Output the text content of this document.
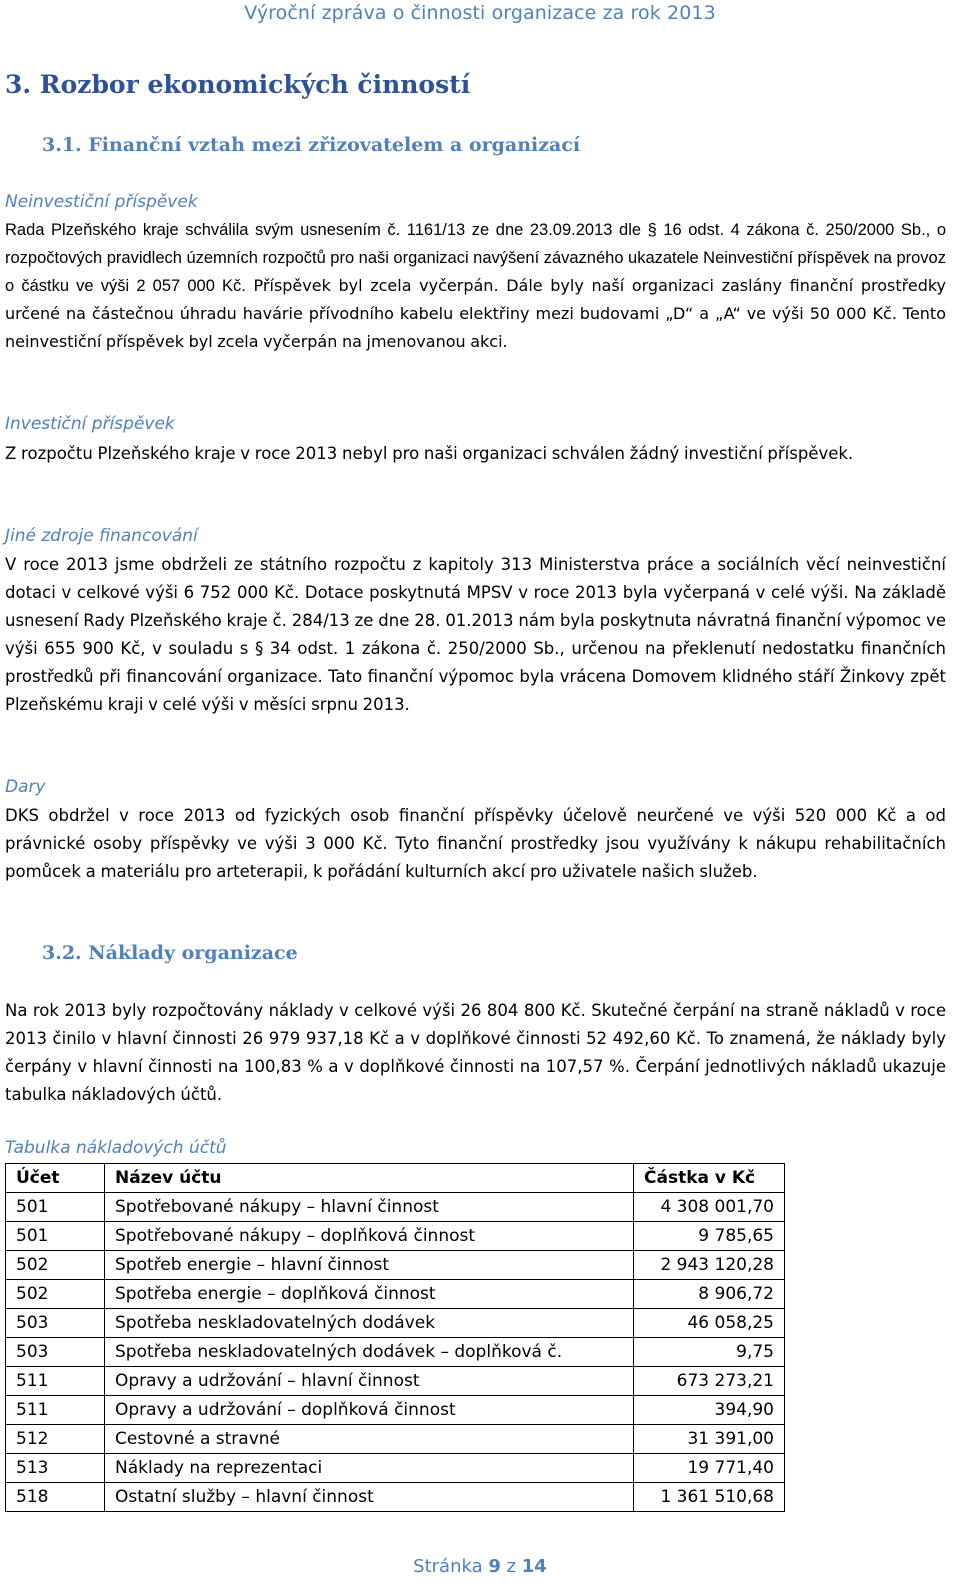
Výroční zpráva o činnosti organizace za rok 2013
3. Rozbor ekonomických činností
3.1. Finanční vztah mezi zřizovatelem a organizací
Neinvestiční příspěvek
Rada Plzeňského kraje schválila svým usnesením č. 1161/13 ze dne 23.09.2013 dle § 16 odst. 4 zákona č. 250/2000 Sb., o rozpočtových pravidlech územních rozpočtů pro naši organizaci navýšení závazného ukazatele Neinvestiční příspěvek na provoz o částku ve výši 2 057 000 Kč. Příspěvek byl zcela vyčerpán. Dále byly naší organizaci zaslány finanční prostředky určené na částečnou úhradu havárie přívodního kabelu elektřiny mezi budovami „D“ a „A“ ve výši 50 000 Kč. Tento neinvestiční příspěvek byl zcela vyčerpán na jmenovanou akci.
Investiční příspěvek
Z rozpočtu Plzeňského kraje v roce 2013 nebyl pro naši organizaci schválen žádný investiční příspěvek.
Jiné zdroje financování
V roce 2013 jsme obdrželi ze státního rozpočtu z kapitoly 313 Ministerstva práce a sociálních věcí neinvestiční dotaci v celkové výši 6 752 000 Kč. Dotace poskytnutá MPSV v roce 2013 byla vyčerpaná v celé výši. Na základě usnesení Rady Plzeňského kraje č. 284/13 ze dne 28. 01.2013 nám byla poskytnuta návratná finanční výpomoc ve výši 655 900 Kč, v souladu s § 34 odst. 1 zákona č. 250/2000 Sb., určenou na překlenutí nedostatku finančních prostředků při financování organizace. Tato finanční výpomoc byla vrácena Domovem klidného stáří Žinkovy zpět Plzeňskému kraji v celé výši v měsíci srpnu 2013.
Dary
DKS obdržel v roce 2013 od fyzických osob finanční příspěvky účelově neurčené ve výši 520 000 Kč a od právnické osoby příspěvky ve výši 3 000 Kč. Tyto finanční prostředky jsou využívány k nákupu rehabilitačních pomůcek a materiálu pro arteterapii, k pořádání kulturních akcí pro uživatele našich služeb.
3.2. Náklady organizace
Na rok 2013 byly rozpočtovány náklady v celkové výši 26 804 800 Kč. Skutečné čerpání na straně nákladů v roce 2013 činilo v hlavní činnosti 26 979 937,18 Kč a v doplňkové činnosti 52 492,60 Kč. To znamená, že náklady byly čerpány v hlavní činnosti na 100,83 % a v doplňkové činnosti na 107,57 %. Čerpání jednotlivých nákladů ukazuje tabulka nákladových účtů.
Tabulka nákladových účtů
Účet	Název účtu	Částka v Kč
501	Spotřebované nákupy – hlavní činnost	4 308 001,70
501	Spotřebované nákupy – doplňková činnost	9 785,65
502	Spotřeb energie – hlavní činnost	2 943 120,28
502	Spotřeba energie – doplňková činnost	8 906,72
503	Spotřeba neskladovatelných dodávek	46 058,25
503	Spotřeba neskladovatelných dodávek – doplňková č.	9,75
511	Opravy a udržování – hlavní činnost	673 273,21
511	Opravy a udržování – doplňková činnost	394,90
512	Cestovné a stravné	31 391,00
513	Náklady na reprezentaci	19 771,40
518	Ostatní služby – hlavní činnost	1 361 510,68
Stránka 9 z 14
